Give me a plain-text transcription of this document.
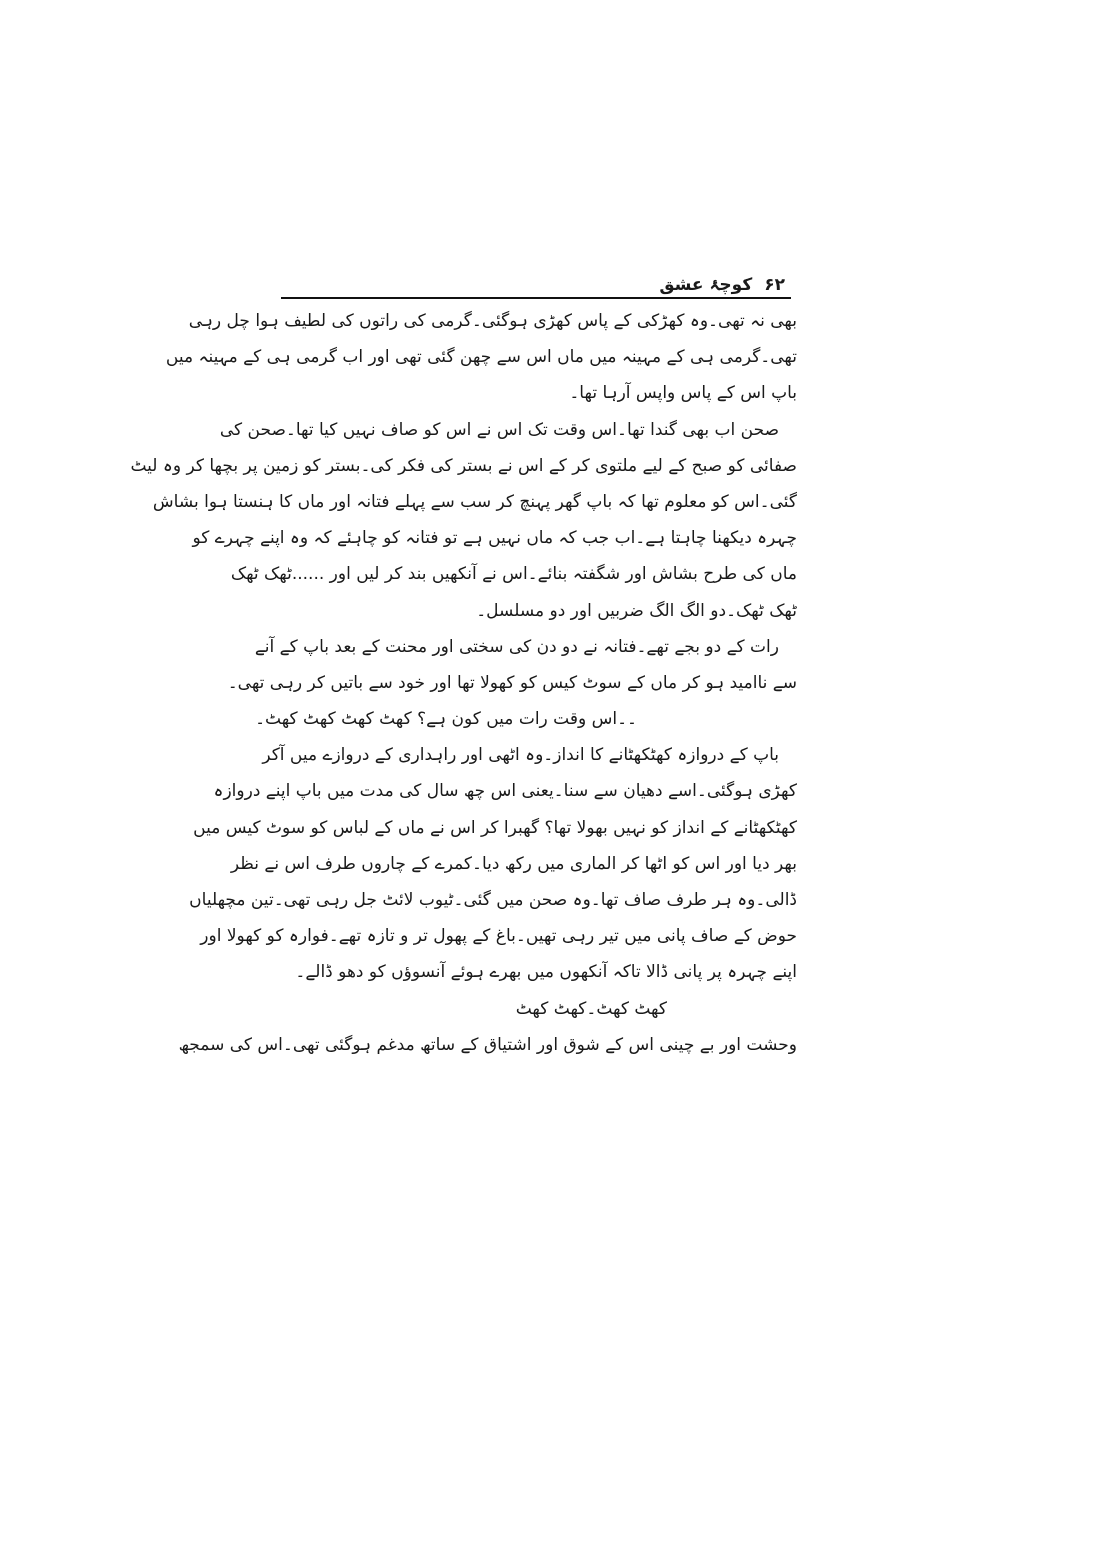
۶۲کوچۂ عشق
بھی نہ تھی۔وہ کھڑکی کے پاس کھڑی ہوگئی۔گرمی کی راتوں کی لطیف ہوا چل رہی
تھی۔گرمی ہی کے مہینہ میں ماں اس سے چھن گئی تھی اور اب گرمی ہی کے مہینہ میں
باپ اس کے پاس واپس آرہا تھا۔
صحن اب بھی گندا تھا۔اس وقت تک اس نے اس کو صاف نہیں کیا تھا۔صحن کی
صفائی کو صبح کے لیے ملتوی کر کے اس نے بستر کی فکر کی۔بستر کو زمین پر بچھا کر وہ لیٹ
گئی۔اس کو معلوم تھا کہ باپ گھر پہنچ کر سب سے پہلے فتانہ اور ماں کا ہنستا ہوا بشاش
چہرہ دیکھنا چاہتا ہے۔اب جب کہ ماں نہیں ہے تو فتانہ کو چاہئے کہ وہ اپنے چہرے کو
ماں کی طرح بشاش اور شگفتہ بنائے۔اس نے آنکھیں بند کر لیں اور ......ٹھک ٹھک
ٹھک ٹھک۔دو الگ الگ ضربیں اور دو مسلسل۔
رات کے دو بجے تھے۔فتانہ نے دو دن کی سختی اور محنت کے بعد باپ کے آنے
سے ناامید ہو کر ماں کے سوٹ کیس کو کھولا تھا اور خود سے باتیں کر رہی تھی۔
۔۔اس وقت رات میں کون ہے؟ کھٹ کھٹ کھٹ کھٹ۔
باپ کے دروازہ کھٹکھٹانے کا انداز۔وہ اٹھی اور راہداری کے دروازے میں آکر
کھڑی ہوگئی۔اسے دھیان سے سنا۔یعنی اس چھ سال کی مدت میں باپ اپنے دروازہ
کھٹکھٹانے کے انداز کو نہیں بھولا تھا؟ گھبرا کر اس نے ماں کے لباس کو سوٹ کیس میں
بھر دیا اور اس کو اٹھا کر الماری میں رکھ دیا۔کمرے کے چاروں طرف اس نے نظر
ڈالی۔وہ ہر طرف صاف تھا۔وہ صحن میں گئی۔ٹیوب لائٹ جل رہی تھی۔تین مچھلیاں
حوض کے صاف پانی میں تیر رہی تھیں۔باغ کے پھول تر و تازہ تھے۔فوارہ کو کھولا اور
اپنے چہرہ پر پانی ڈالا تاکہ آنکھوں میں بھرے ہوئے آنسوؤں کو دھو ڈالے۔
کھٹ کھٹ۔کھٹ کھٹ
وحشت اور بے چینی اس کے شوق اور اشتیاق کے ساتھ مدغم ہوگئی تھی۔اس کی سمجھ
